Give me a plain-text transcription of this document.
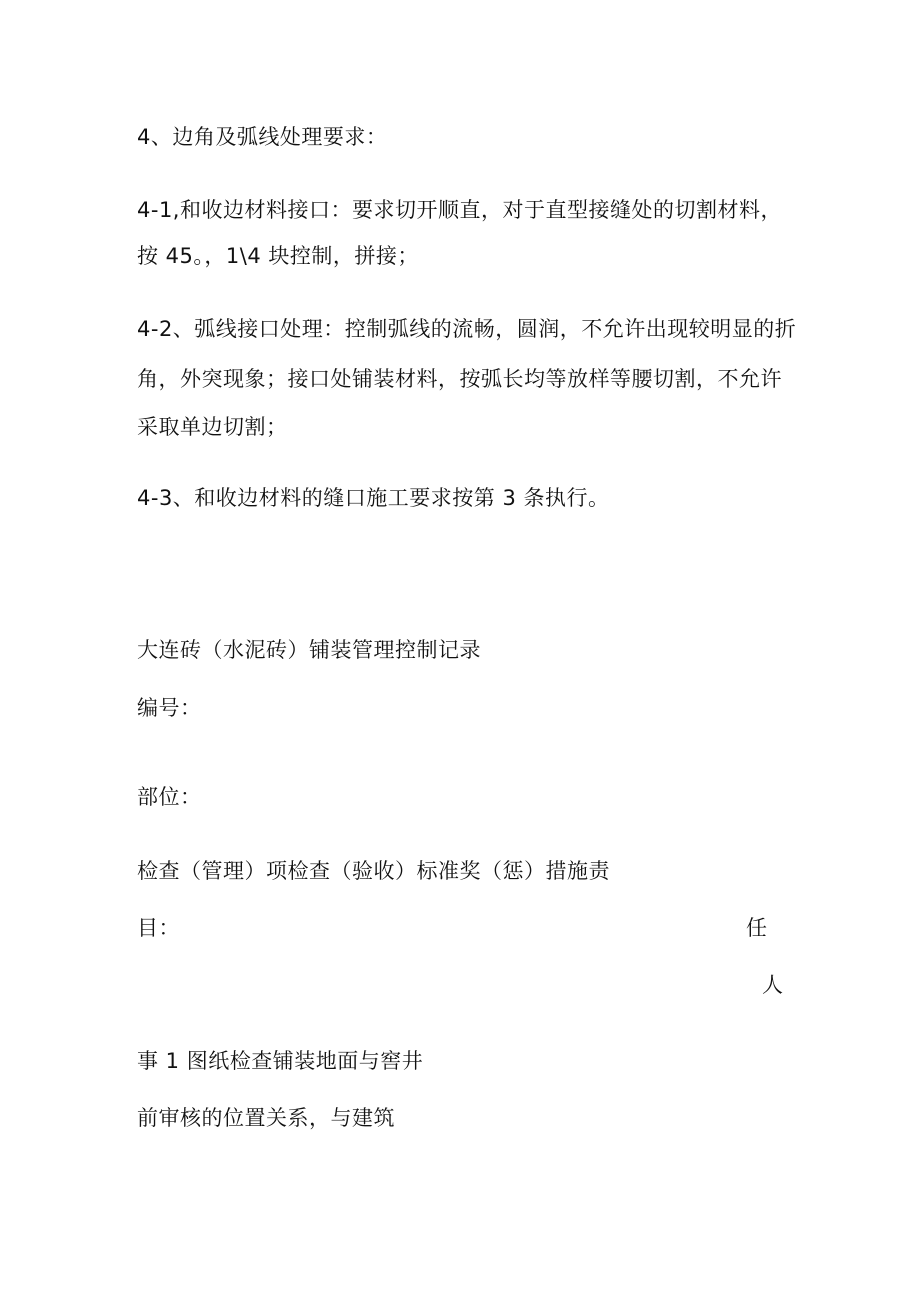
4、边角及弧线处理要求：
4-1,和收边材料接口：要求切开顺直，对于直型接缝处的切割材料，
按 45。，1\4 块控制，拼接；
4-2、弧线接口处理：控制弧线的流畅，圆润，不允许出现较明显的折
角，外突现象；接口处铺装材料，按弧长均等放样等腰切割，不允许
采取单边切割；
4-3、和收边材料的缝口施工要求按第 3 条执行。
大连砖（水泥砖）铺装管理控制记录
编号：
部位：
检查（管理）项检查（验收）标准奖（惩）措施责
目：	任
人
事 1 图纸检查铺装地面与窖井
前审核的位置关系，与建筑
